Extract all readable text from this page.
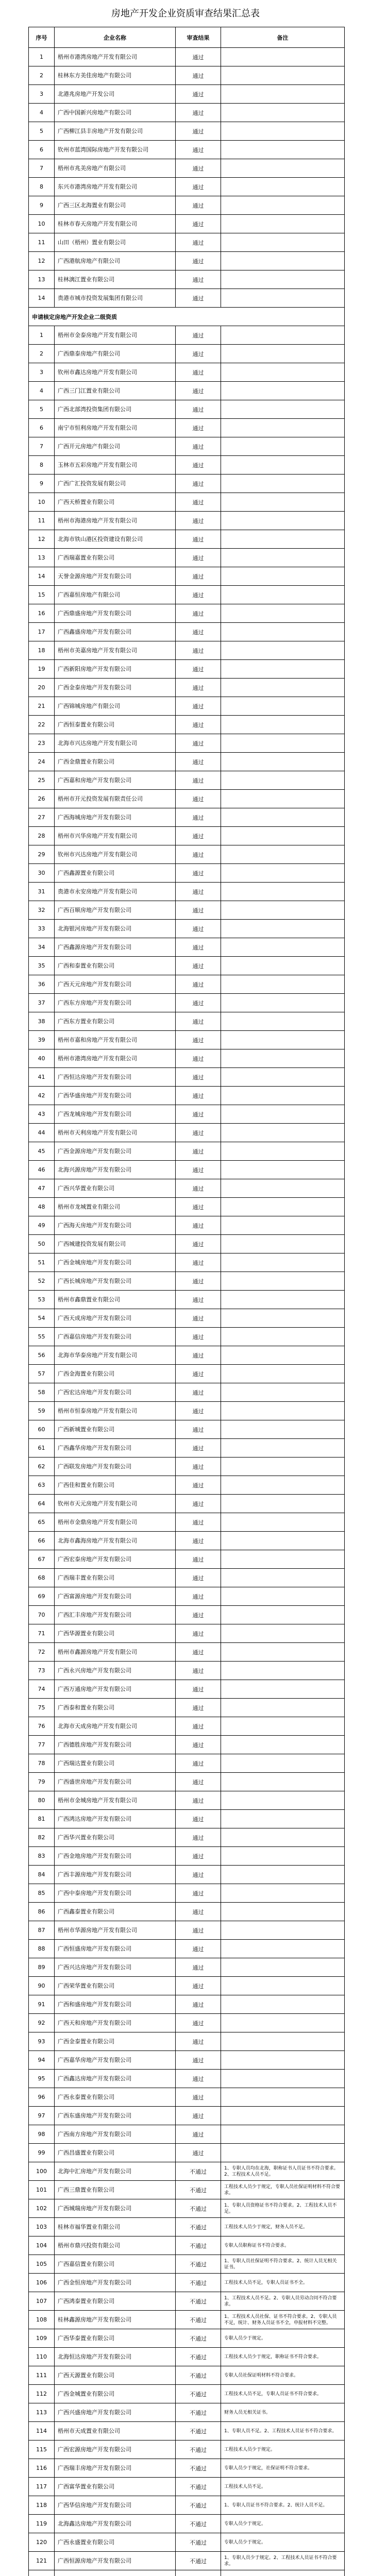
房地产开发企业资质审查结果汇总表
序号	企业名称	审查结果	备注
1	梧州市港湾房地产开发有限公司	通过	
2	桂林东方美佳房地产有限公司	通过	
3	北港兆房地产开发公司	通过	
4	广西中国新兴房地产有限公司	通过	
5	广西柳江县丰房地产开发有限公司	通过	
6	钦州市蓝湾国际房地产开发有限公司	通过	
7	梧州市兆美房地产有限公司	通过	
8	东兴市港湾房地产开发有限公司	通过	
9	广西三区北海置业有限公司	通过	
10	桂林市春天房地产开发有限公司	通过	
11	山田（梧州）置业有限公司	通过	
12	广西港航房地产有限公司	通过	
13	桂林漓江置业有限公司	通过	
14	贵港市城市投资发展集团有限公司	通过	
申请核定房地产开发企业二级资质			
1	梧州市金泰房地产开发有限公司	通过	
2	广西鼎泰房地产有限公司	通过	
3	钦州市鑫达房地产开发有限公司	通过	
4	广西三门江置业有限公司	通过	
5	广西北部湾投资集团有限公司	通过	
6	南宁市恒利房地产开发有限公司	通过	
7	广西开元房地产有限公司	通过	
8	玉林市五彩房地产开发有限公司	通过	
9	广西广汇投资发展有限公司	通过	
10	广西天桥置业有限公司	通过	
11	梧州市海港房地产开发有限公司	通过	
12	北海市铁山港区投资建设有限公司	通过	
13	广西瑞嘉置业有限公司	通过	
14	天誉金源房地产开发有限公司	通过	
15	广西嘉恒房地产有限公司	通过	
16	广西鼎盛房地产开发有限公司	通过	
17	广西鑫盛房地产开发有限公司	通过	
18	梧州市美嘉房地产开发有限公司	通过	
19	广西新阳房地产开发有限公司	通过	
20	广西金泰房地产开发有限公司	通过	
21	广西锦城房地产有限公司	通过	
22	广西恒泰置业有限公司	通过	
23	北海市兴达房地产开发有限公司	通过	
24	广西金鼎置业有限公司	通过	
25	广西嘉和房地产开发有限公司	通过	
26	梧州市开元投资发展有限责任公司	通过	
27	广西海城房地产开发有限公司	通过	
28	梧州市兴华房地产开发有限公司	通过	
29	钦州市兴达房地产开发有限公司	通过	
30	广西鑫源置业有限公司	通过	
31	贵港市永安房地产开发有限公司	通过	
32	广西百顺房地产开发有限公司	通过	
33	北海银河房地产开发有限公司	通过	
34	广西鑫源房地产开发有限公司	通过	
35	广西和泰置业有限公司	通过	
36	广西天元房地产开发有限公司	通过	
37	广西东方房地产开发有限公司	通过	
38	广西东方置业有限公司	通过	
39	梧州市嘉和房地产开发有限公司	通过	
40	梧州市港湾房地产开发有限公司	通过	
41	广西恒达房地产开发有限公司	通过	
42	广西华盛房地产开发有限公司	通过	
43	广西龙城房地产开发有限公司	通过	
44	梧州市天利房地产开发有限公司	通过	
45	广西金源房地产开发有限公司	通过	
46	北海兴源房地产开发有限公司	通过	
47	广西兴华置业有限公司	通过	
48	梧州市龙城置业有限公司	通过	
49	广西海天房地产开发有限公司	通过	
50	广西城建投资发展有限公司	通过	
51	广西金城房地产开发有限公司	通过	
52	广西长城房地产开发有限公司	通过	
53	梧州市鑫鼎置业有限公司	通过	
54	广西天成房地产开发有限公司	通过	
55	广西嘉信房地产开发有限公司	通过	
56	北海市华泰房地产开发有限公司	通过	
57	广西金海置业有限公司	通过	
58	广西宏达房地产开发有限公司	通过	
59	梧州市恒泰房地产开发有限公司	通过	
60	广西新城置业有限公司	通过	
61	广西鑫华房地产开发有限公司	通过	
62	广西联发房地产开发有限公司	通过	
63	广西佳和置业有限公司	通过	
64	钦州市天元房地产开发有限公司	通过	
65	梧州市金鼎房地产开发有限公司	通过	
66	北海市鑫海房地产开发有限公司	通过	
67	广西宏泰房地产开发有限公司	通过	
68	广西瑞丰置业有限公司	通过	
69	广西富源房地产开发有限公司	通过	
70	广西汇丰房地产开发有限公司	通过	
71	广西华源置业有限公司	通过	
72	梧州市鑫源房地产开发有限公司	通过	
73	广西永兴房地产开发有限公司	通过	
74	广西万通房地产开发有限公司	通过	
75	广西泰和置业有限公司	通过	
76	北海市天成房地产开发有限公司	通过	
77	广西德胜房地产开发有限公司	通过	
78	广西瑞达置业有限公司	通过	
79	广西盛世房地产开发有限公司	通过	
80	梧州市金城房地产开发有限公司	通过	
81	广西鸿达房地产开发有限公司	通过	
82	广西华兴置业有限公司	通过	
83	广西金地房地产开发有限公司	通过	
84	广西丰源房地产开发有限公司	通过	
85	广西中泰房地产开发有限公司	通过	
86	广西鑫泰置业有限公司	通过	
87	梧州市华源房地产开发有限公司	通过	
88	广西恒盛房地产开发有限公司	通过	
89	广西兴达房地产开发有限公司	通过	
90	广西荣华置业有限公司	通过	
91	广西和盛房地产开发有限公司	通过	
92	广西天和房地产开发有限公司	通过	
93	广西金泰置业有限公司	通过	
94	广西嘉华房地产开发有限公司	通过	
95	广西鑫达房地产开发有限公司	通过	
96	广西永泰置业有限公司	通过	
97	广西东盛房地产开发有限公司	通过	
98	广西南方房地产开发有限公司	通过	
99	广西昌盛置业有限公司	通过	
100	北海中汇房地产开发有限公司	不通过	1、专职人员均在北海，职称证书人员证书不符合要求。2、工程技术人员不足。
101	广西三鼎置业有限公司	不通过	工程技术人员少于规定，专职人员社保证明材料不符合要求。
102	广西城瑞房地产开发有限公司	不通过	1、专职人员资格证书不符合要求。2、工程技术人员不足。
103	桂林市福华置业有限公司	不通过	工程技术人员少于规定，财务人员不足。
104	梧州市鼎兴投资有限公司	不通过	专职人员职称证书不符合要求。
105	广西嘉信置业有限公司	不通过	1、专职人员社保证明不符合要求。2、统计人员无相关证书。
106	广西金恒房地产开发有限公司	不通过	工程技术人员不足，专职人员证书不全。
107	广西鸿泰置业有限公司	不通过	1、工程技术人员不足。2、专职人员劳动合同不符合要求。
108	桂林鑫源房地产开发有限公司	不通过	1、工程技术人员社保、证书不符合要求。2、专职人员不足，统计、财务人员证书不全，申报材料不完整。
109	广西华泰置业有限公司	不通过	专职人员少于规定。
110	北海恒达房地产开发有限公司	不通过	工程技术人员少于规定，职称证书不符合要求。
111	广西天源置业有限公司	不通过	专职人员社保证明材料不符合要求。
112	广西金城置业有限公司	不通过	工程技术人员不足，专职人员证书不符合要求。
113	广西兴盛房地产开发有限公司	不通过	财务人员无相关证书。
114	梧州市天成置业有限公司	不通过	1、专职人员不足。2、工程技术人员证书不符合要求。
115	广西宏源房地产开发有限公司	不通过	工程技术人员少于规定。
116	广西瑞丰房地产开发有限公司	不通过	专职人员少于规定，社保证明不符合要求。
117	广西富华置业有限公司	不通过	工程技术人员不足。
118	广西华信房地产开发有限公司	不通过	1、专职人员证书不符合要求。2、统计人员不足。
119	北海鑫达房地产开发有限公司	不通过	专职人员少于规定。
120	广西永盛置业有限公司	不通过	专职人员少于规定。
121	广西恒源房地产开发有限公司	不通过	1、专职人员少于规定。2、工程技术人员证书不符合要求。
